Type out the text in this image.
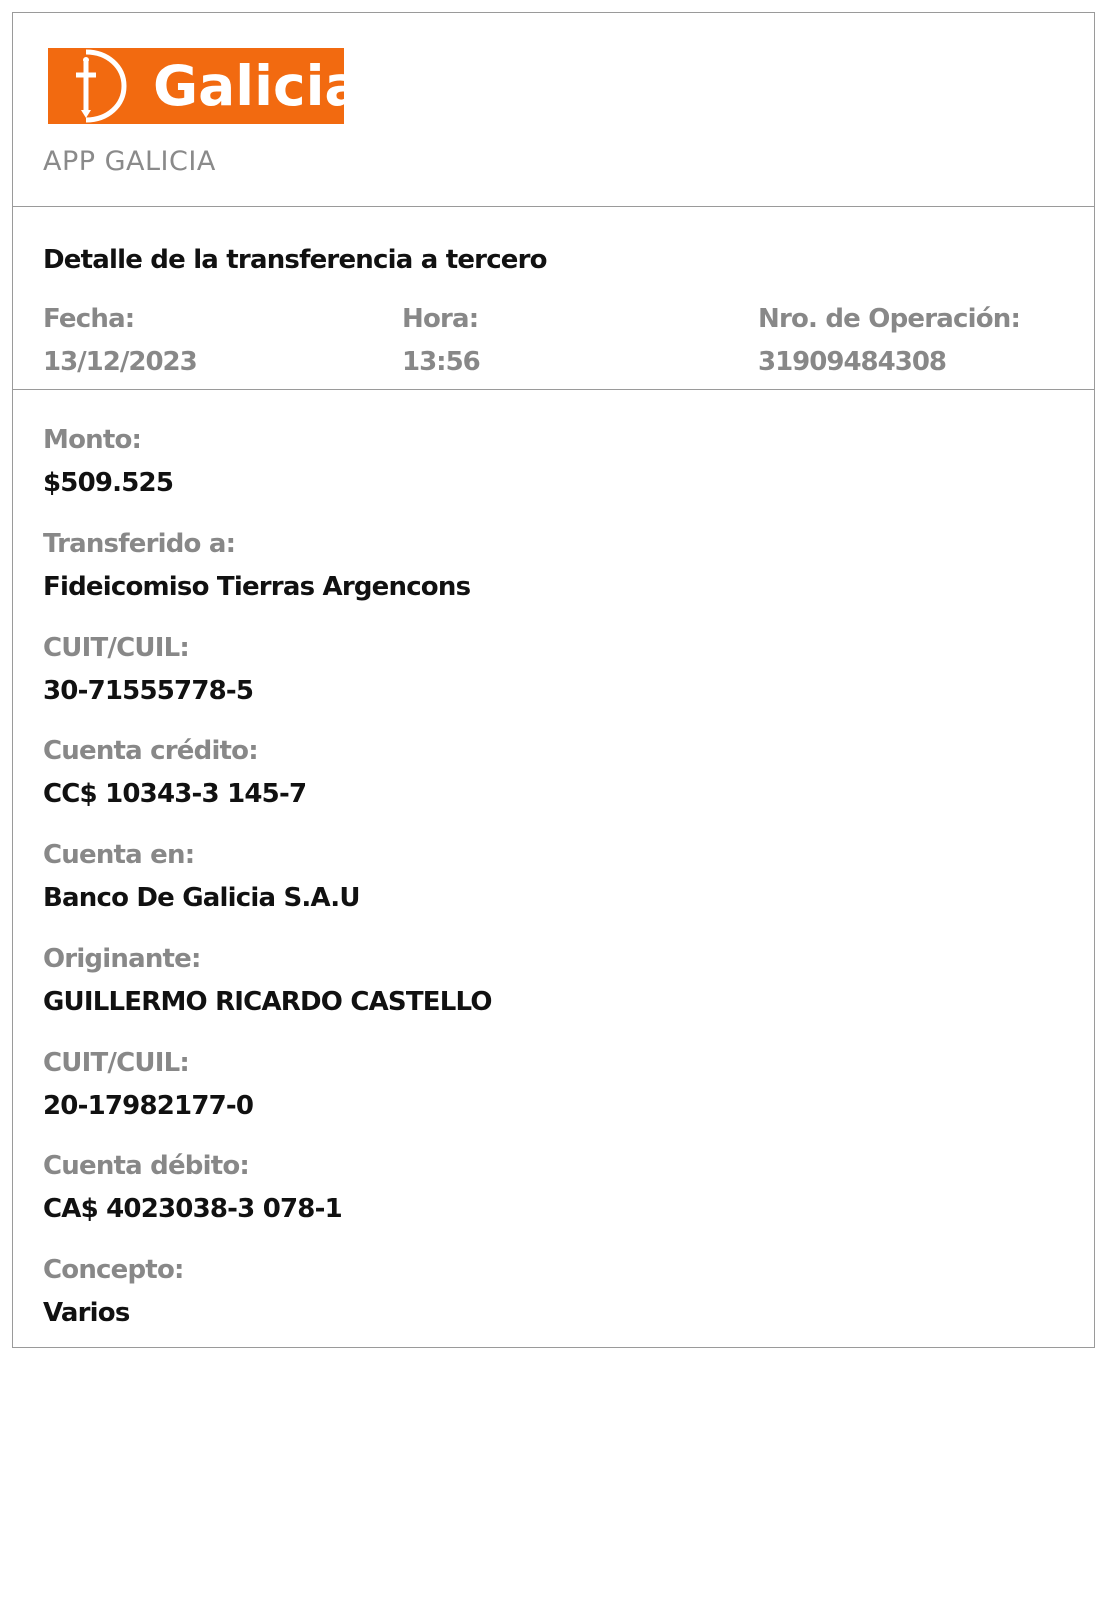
Galicia
APP GALICIA
Detalle de la transferencia a tercero
Fecha:
13/12/2023
Hora:
13:56
Nro. de Operación:
31909484308
Monto:
$509.525
Transferido a:
Fideicomiso Tierras Argencons
CUIT/CUIL:
30-71555778-5
Cuenta crédito:
CC$ 10343-3 145-7
Cuenta en:
Banco De Galicia S.A.U
Originante:
GUILLERMO RICARDO CASTELLO
CUIT/CUIL:
20-17982177-0
Cuenta débito:
CA$ 4023038-3 078-1
Concepto:
Varios
